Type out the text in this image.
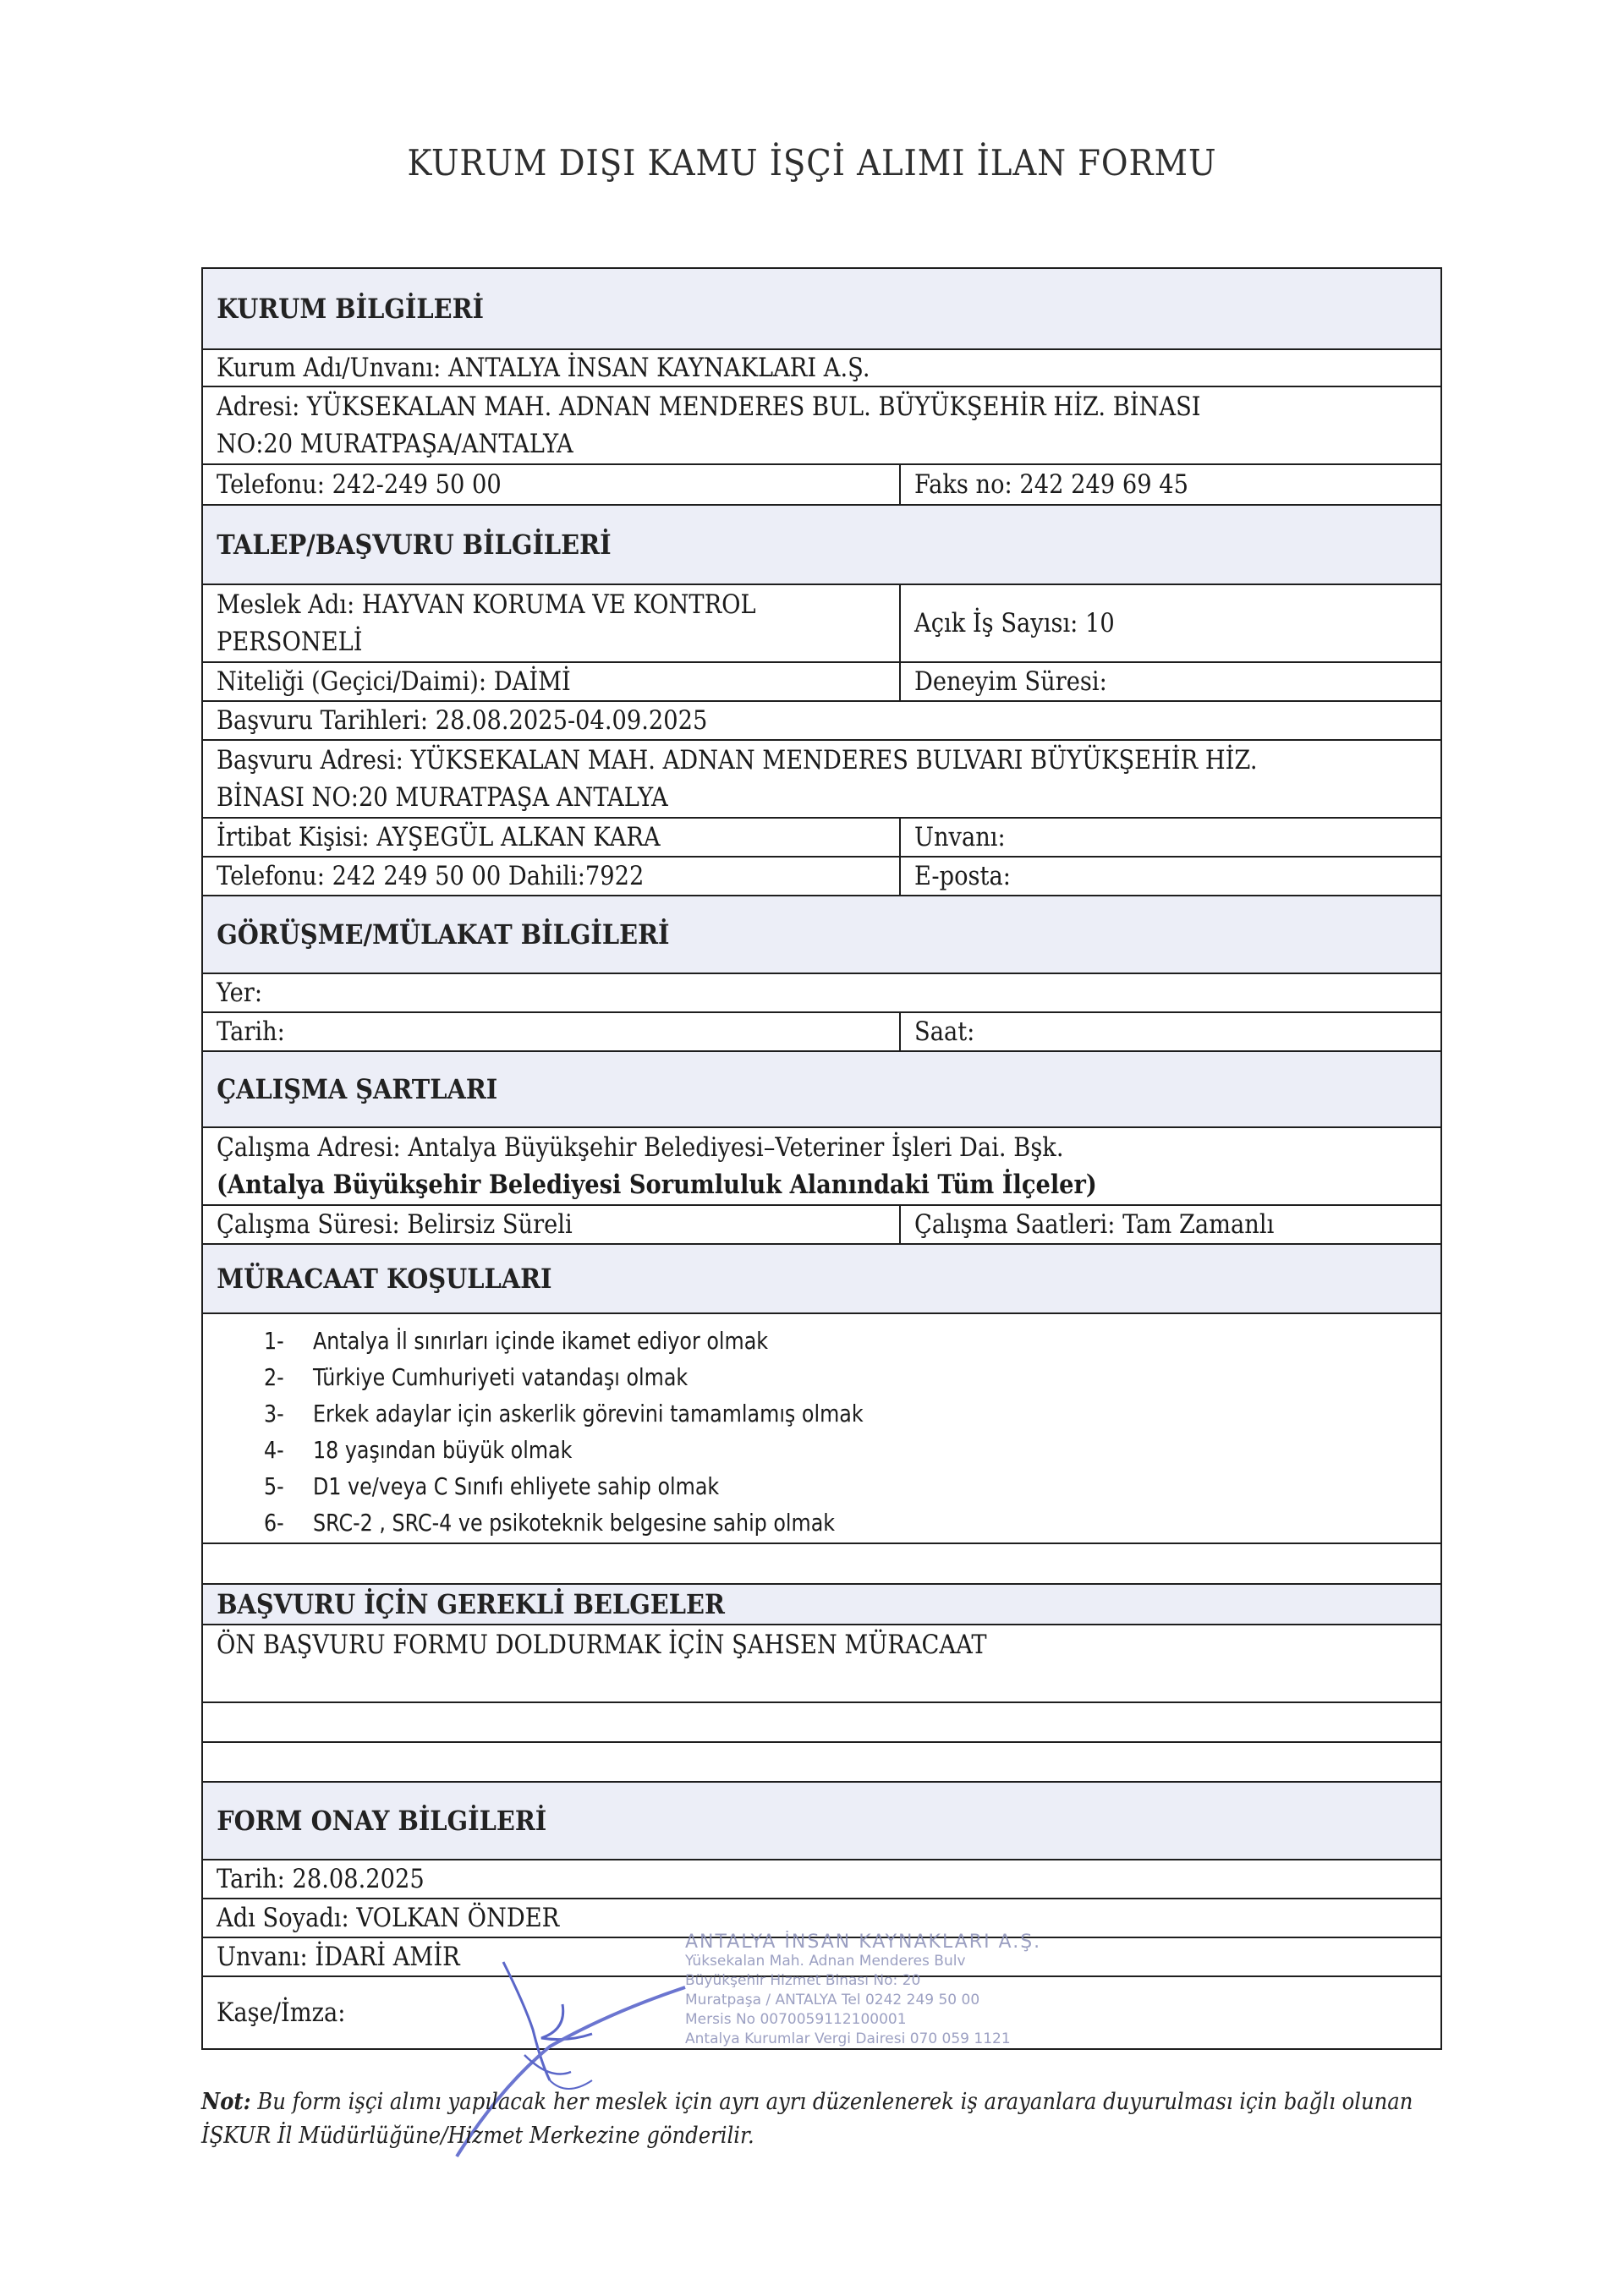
KURUM DIŞI KAMU İŞÇİ ALIMI İLAN FORMU
KURUM BİLGİLERİ
Kurum Adı/Unvanı: ANTALYA İNSAN KAYNAKLARI A.Ş.
Adresi: YÜKSEKALAN MAH. ADNAN MENDERES BUL. BÜYÜKŞEHİR HİZ. BİNASI
NO:20 MURATPAŞA/ANTALYA
Telefonu: 242-249 50 00	Faks no: 242 249 69 45
TALEP/BAŞVURU BİLGİLERİ
Meslek Adı: HAYVAN KORUMA VE KONTROL
PERSONELİ
Açık İş Sayısı: 10
Niteliği (Geçici/Daimi): DAİMİ	Deneyim Süresi:
Başvuru Tarihleri: 28.08.2025-04.09.2025
Başvuru Adresi: YÜKSEKALAN MAH. ADNAN MENDERES BULVARI BÜYÜKŞEHİR HİZ.
BİNASI NO:20 MURATPAŞA ANTALYA
İrtibat Kişisi: AYŞEGÜL ALKAN KARA	Unvanı:
Telefonu: 242 249 50 00 Dahili:7922	E-posta:
GÖRÜŞME/MÜLAKAT BİLGİLERİ
Yer:
Tarih:	Saat:
ÇALIŞMA ŞARTLARI
Çalışma Adresi: Antalya Büyükşehir Belediyesi–Veteriner İşleri Dai. Bşk.
(Antalya Büyükşehir Belediyesi Sorumluluk Alanındaki Tüm İlçeler)
Çalışma Süresi: Belirsiz Süreli	Çalışma Saatleri: Tam Zamanlı
MÜRACAAT KOŞULLARI
1-	Antalya İl sınırları içinde ikamet ediyor olmak
2-	Türkiye Cumhuriyeti vatandaşı olmak
3-	Erkek adaylar için askerlik görevini tamamlamış olmak
4-	18 yaşından büyük olmak
5-	D1 ve/veya C Sınıfı ehliyete sahip olmak
6-	SRC-2 , SRC-4 ve psikoteknik belgesine sahip olmak
BAŞVURU İÇİN GEREKLİ BELGELER
ÖN BAŞVURU FORMU DOLDURMAK İÇİN ŞAHSEN MÜRACAAT
FORM ONAY BİLGİLERİ
Tarih: 28.08.2025
Adı Soyadı: VOLKAN ÖNDER
Unvanı: İDARİ AMİR
Kaşe/İmza:
ANTALYA İNSAN KAYNAKLARI A.Ş.
Yüksekalan Mah. Adnan Menderes Bulv
Büyükşehir Hizmet Binası No: 20
Muratpaşa / ANTALYA Tel 0242 249 50 00
Mersis No 0070059112100001
Antalya Kurumlar Vergi Dairesi 070 059 1121
Not: Bu form işçi alımı yapılacak her meslek için ayrı ayrı düzenlenerek iş arayanlara duyurulması için bağlı olunan İŞKUR İl Müdürlüğüne/Hizmet Merkezine gönderilir.
